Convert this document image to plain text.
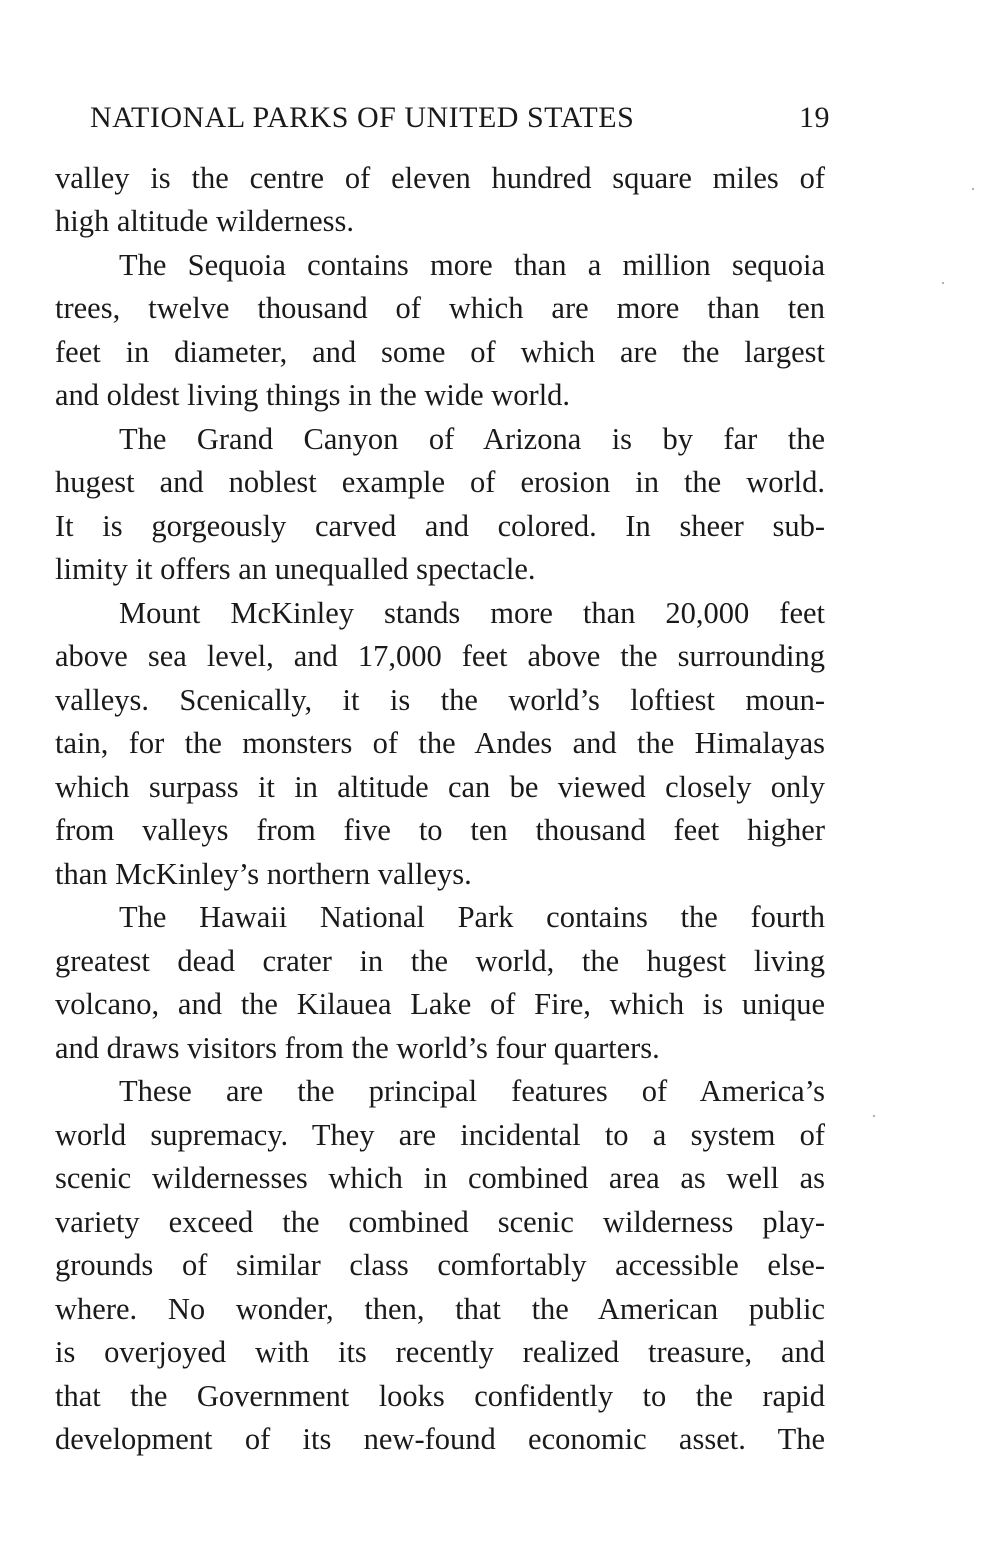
NATIONAL PARKS OF UNITED STATES	19
valley is the centre of eleven hundred square miles of
high altitude wilderness.
The Sequoia contains more than a million sequoia
trees, twelve thousand of which are more than ten
feet in diameter, and some of which are the largest
and oldest living things in the wide world.
The Grand Canyon of Arizona is by far the
hugest and noblest example of erosion in the world.
It is gorgeously carved and colored. In sheer sub-
limity it offers an unequalled spectacle.
Mount McKinley stands more than 20,000 feet
above sea level, and 17,000 feet above the surrounding
valleys. Scenically, it is the world’s loftiest moun-
tain, for the monsters of the Andes and the Himalayas
which surpass it in altitude can be viewed closely only
from valleys from five to ten thousand feet higher
than McKinley’s northern valleys.
The Hawaii National Park contains the fourth
greatest dead crater in the world, the hugest living
volcano, and the Kilauea Lake of Fire, which is unique
and draws visitors from the world’s four quarters.
These are the principal features of America’s
world supremacy. They are incidental to a system of
scenic wildernesses which in combined area as well as
variety exceed the combined scenic wilderness play-
grounds of similar class comfortably accessible else-
where. No wonder, then, that the American public
is overjoyed with its recently realized treasure, and
that the Government looks confidently to the rapid
development of its new-found economic asset. The
